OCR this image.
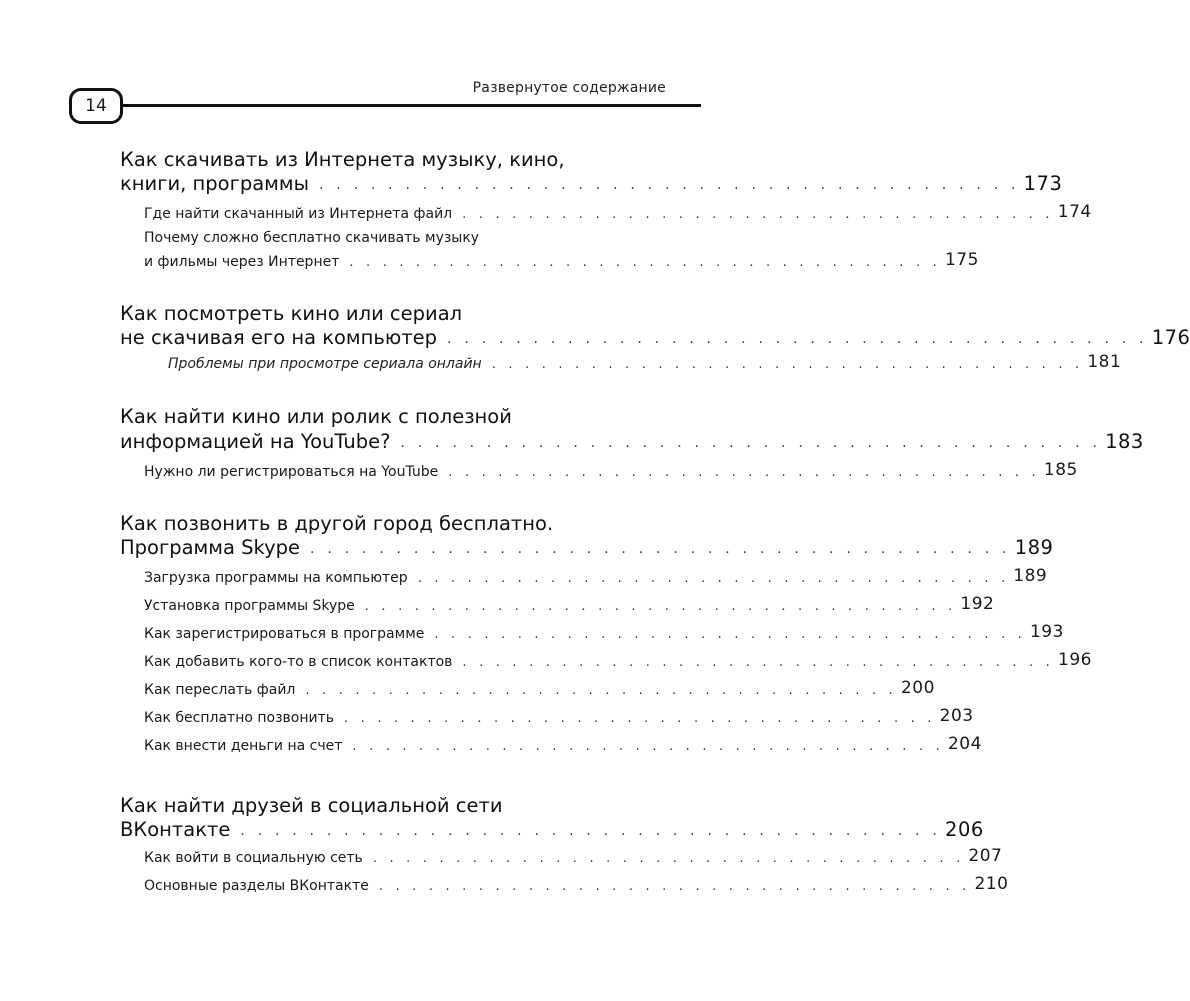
Развернутое содержание
14
Как скачивать из Интернета музыку, кино,
книги, программы . . . . . . . . . . . . . . . . . . . . . . . . . . . . . . . . . . . . . . . . . 173
Где найти скачанный из Интернета файл . . . . . . . . . . . . . . . . . . . . . . . . . . . . . . . . . . . . 174
Почему сложно бесплатно скачивать музыку
и фильмы через Интернет . . . . . . . . . . . . . . . . . . . . . . . . . . . . . . . . . . . . 175
Как посмотреть кино или сериал
не скачивая его на компьютер . . . . . . . . . . . . . . . . . . . . . . . . . . . . . . . . . . . . . . . . . 176
Проблемы при просмотре сериала онлайн . . . . . . . . . . . . . . . . . . . . . . . . . . . . . . . . . . . . 181
Как найти кино или ролик с полезной
информацией на YouTube? . . . . . . . . . . . . . . . . . . . . . . . . . . . . . . . . . . . . . . . . . 183
Нужно ли регистрироваться на YouTube . . . . . . . . . . . . . . . . . . . . . . . . . . . . . . . . . . . . 185
Как позвонить в другой город бесплатно.
Программа Skype . . . . . . . . . . . . . . . . . . . . . . . . . . . . . . . . . . . . . . . . . 189
Загрузка программы на компьютер . . . . . . . . . . . . . . . . . . . . . . . . . . . . . . . . . . . . 189
Установка программы Skype . . . . . . . . . . . . . . . . . . . . . . . . . . . . . . . . . . . . 192
Как зарегистрироваться в программе . . . . . . . . . . . . . . . . . . . . . . . . . . . . . . . . . . . . 193
Как добавить кого-то в список контактов . . . . . . . . . . . . . . . . . . . . . . . . . . . . . . . . . . . . 196
Как переслать файл . . . . . . . . . . . . . . . . . . . . . . . . . . . . . . . . . . . . 200
Как бесплатно позвонить . . . . . . . . . . . . . . . . . . . . . . . . . . . . . . . . . . . . 203
Как внести деньги на счет . . . . . . . . . . . . . . . . . . . . . . . . . . . . . . . . . . . . 204
Как найти друзей в социальной сети
ВКонтакте . . . . . . . . . . . . . . . . . . . . . . . . . . . . . . . . . . . . . . . . . 206
Как войти в социальную сеть . . . . . . . . . . . . . . . . . . . . . . . . . . . . . . . . . . . . 207
Основные разделы ВКонтакте . . . . . . . . . . . . . . . . . . . . . . . . . . . . . . . . . . . . 210
